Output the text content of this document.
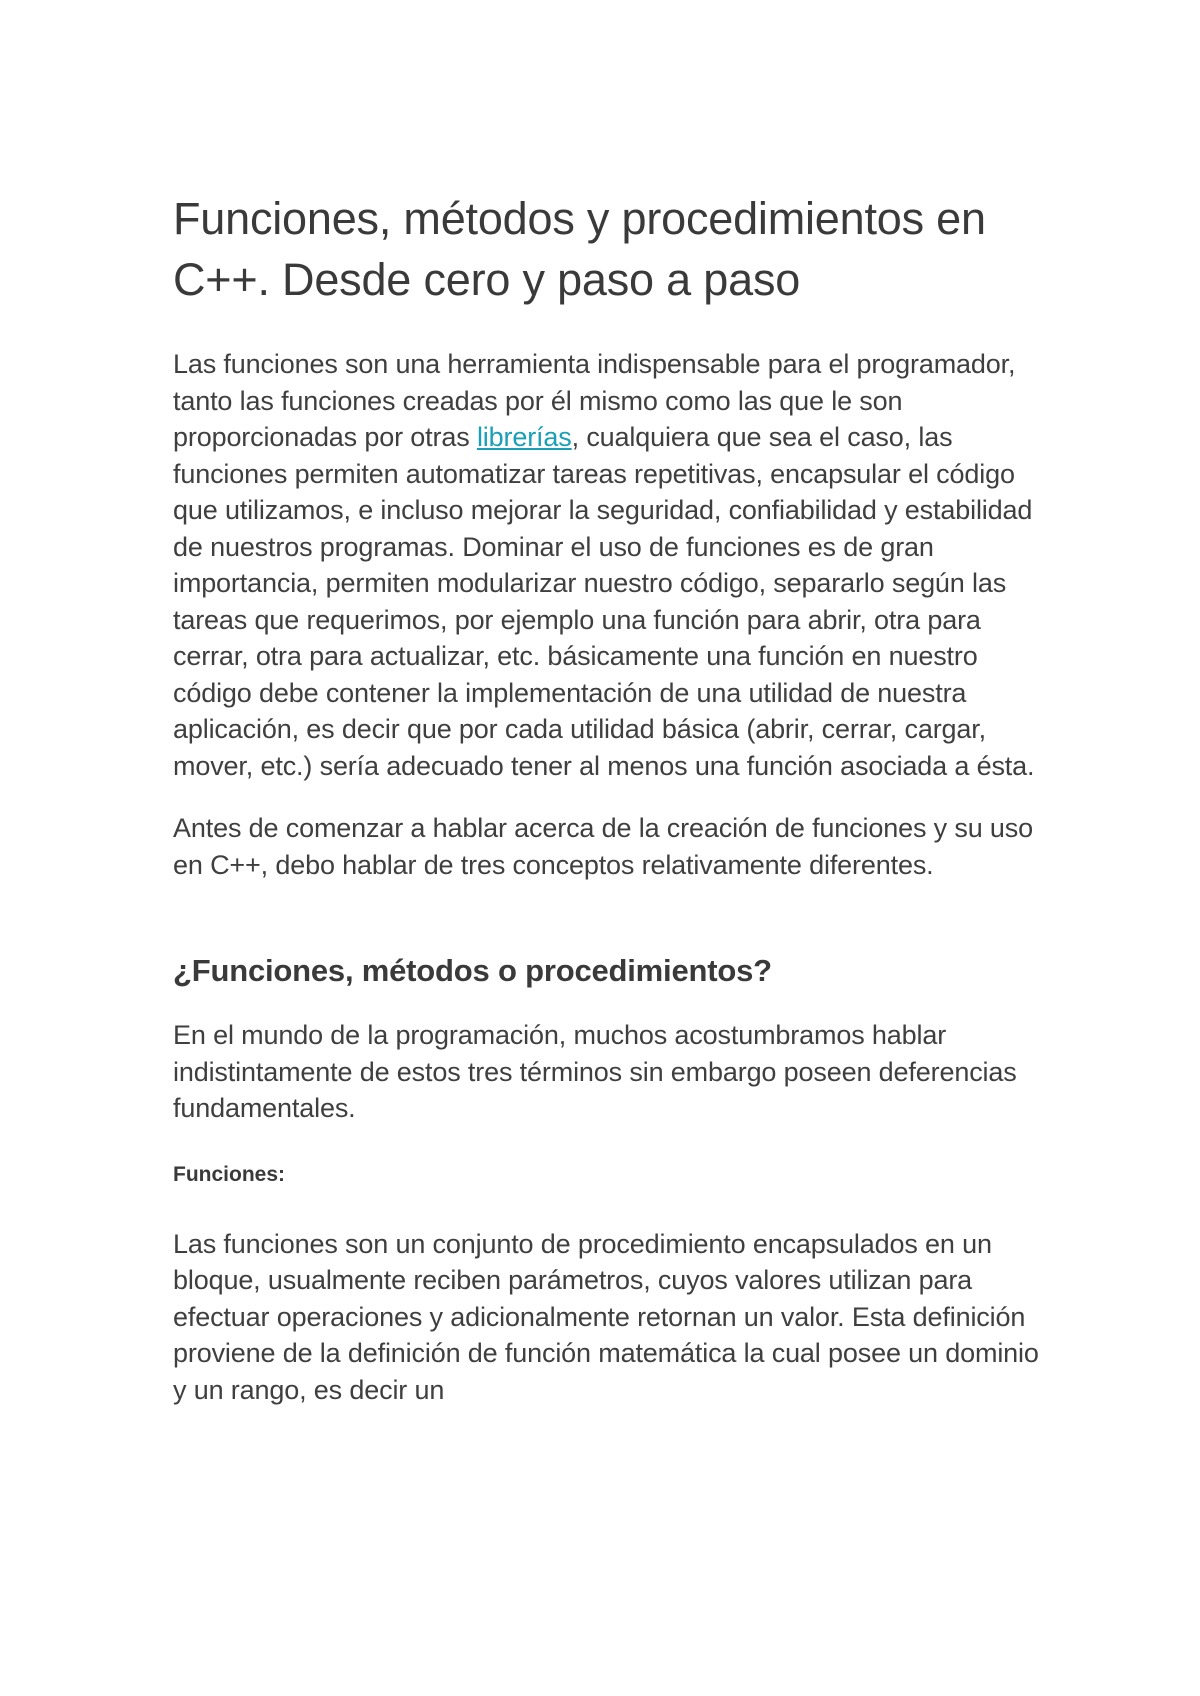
Funciones, métodos y procedimientos en C++. Desde cero y paso a paso

Las funciones son una herramienta indispensable para el programador, tanto las funciones creadas por él mismo como las que le son proporcionadas por otras librerías, cualquiera que sea el caso, las funciones permiten automatizar tareas repetitivas, encapsular el código que utilizamos, e incluso mejorar la seguridad, confiabilidad y estabilidad de nuestros programas. Dominar el uso de funciones es de gran importancia, permiten modularizar nuestro código, separarlo según las tareas que requerimos, por ejemplo una función para abrir, otra para cerrar, otra para actualizar, etc. básicamente una función en nuestro código debe contener la implementación de una utilidad de nuestra aplicación, es decir que por cada utilidad básica (abrir, cerrar, cargar, mover, etc.) sería adecuado tener al menos una función asociada a ésta.

Antes de comenzar a hablar acerca de la creación de funciones y su uso en C++, debo hablar de tres conceptos relativamente diferentes.

¿Funciones, métodos o procedimientos?

En el mundo de la programación, muchos acostumbramos hablar indistintamente de estos tres términos sin embargo poseen deferencias fundamentales.

Funciones:

Las funciones son un conjunto de procedimiento encapsulados en un bloque, usualmente reciben parámetros, cuyos valores utilizan para efectuar operaciones y adicionalmente retornan un valor. Esta definición proviene de la definición de función matemática la cual posee un dominio y un rango, es decir un
